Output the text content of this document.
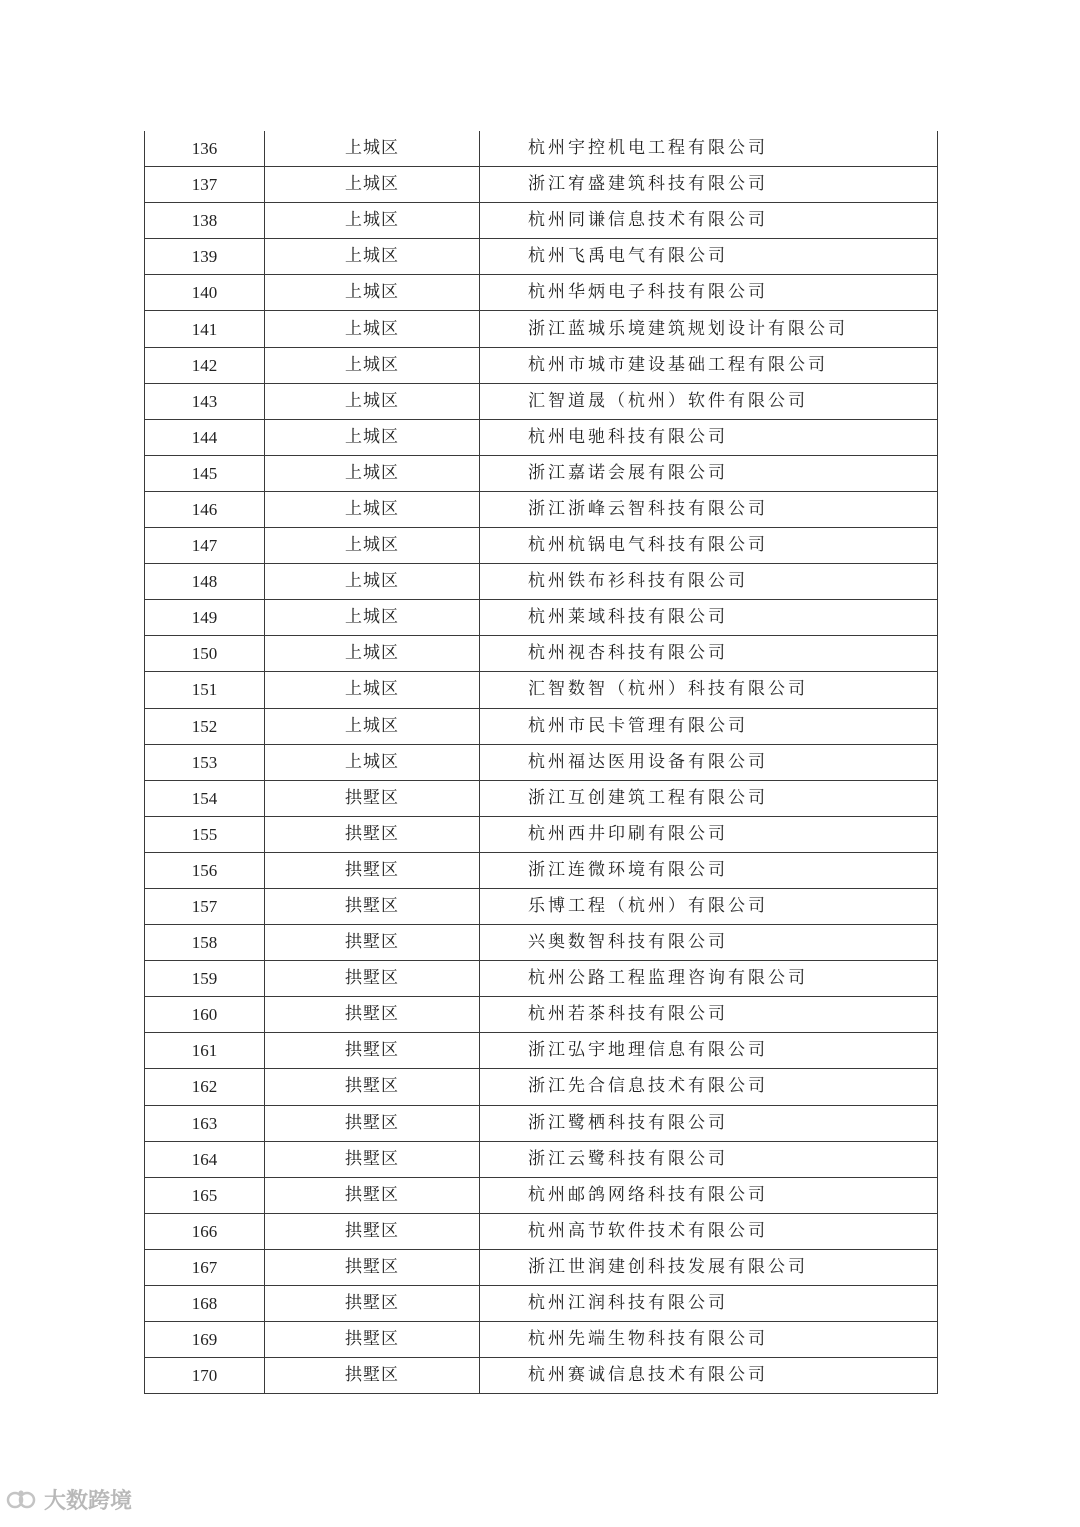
136	上城区	杭州宇控机电工程有限公司
137	上城区	浙江宥盛建筑科技有限公司
138	上城区	杭州同谦信息技术有限公司
139	上城区	杭州飞禹电气有限公司
140	上城区	杭州华炳电子科技有限公司
141	上城区	浙江蓝城乐境建筑规划设计有限公司
142	上城区	杭州市城市建设基础工程有限公司
143	上城区	汇智道晟（杭州）软件有限公司
144	上城区	杭州电驰科技有限公司
145	上城区	浙江嘉诺会展有限公司
146	上城区	浙江浙峰云智科技有限公司
147	上城区	杭州杭锅电气科技有限公司
148	上城区	杭州铁布衫科技有限公司
149	上城区	杭州莱域科技有限公司
150	上城区	杭州视杏科技有限公司
151	上城区	汇智数智（杭州）科技有限公司
152	上城区	杭州市民卡管理有限公司
153	上城区	杭州福达医用设备有限公司
154	拱墅区	浙江互创建筑工程有限公司
155	拱墅区	杭州西井印刷有限公司
156	拱墅区	浙江连微环境有限公司
157	拱墅区	乐博工程（杭州）有限公司
158	拱墅区	兴奥数智科技有限公司
159	拱墅区	杭州公路工程监理咨询有限公司
160	拱墅区	杭州若茶科技有限公司
161	拱墅区	浙江弘宇地理信息有限公司
162	拱墅区	浙江先合信息技术有限公司
163	拱墅区	浙江鹭栖科技有限公司
164	拱墅区	浙江云鹭科技有限公司
165	拱墅区	杭州邮鸽网络科技有限公司
166	拱墅区	杭州高节软件技术有限公司
167	拱墅区	浙江世润建创科技发展有限公司
168	拱墅区	杭州江润科技有限公司
169	拱墅区	杭州先端生物科技有限公司
170	拱墅区	杭州赛诚信息技术有限公司
大数跨境
